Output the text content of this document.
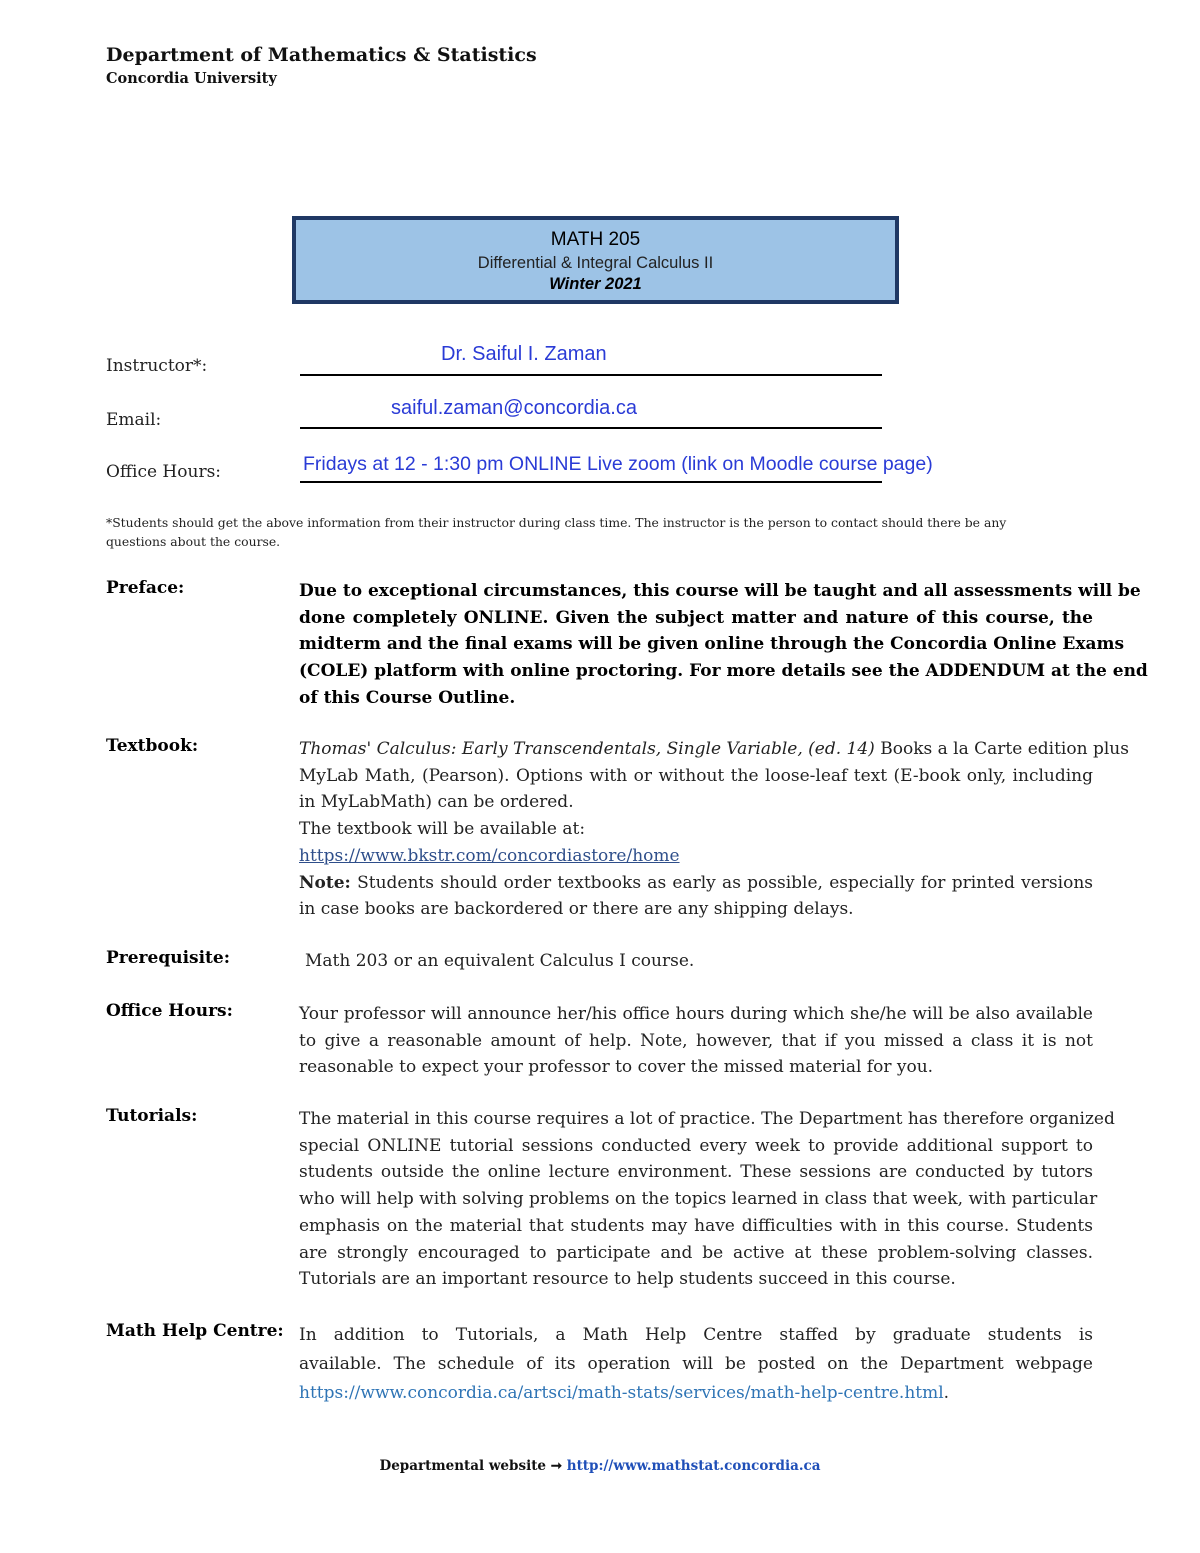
Department of Mathematics & Statistics
Concordia University
MATH 205
Differential & Integral Calculus II
Winter 2021
Instructor*:
Dr. Saiful I. Zaman
Email:
saiful.zaman@concordia.ca
Office Hours:	Fridays at 12 - 1:30 pm ONLINE Live zoom (link on Moodle course page)
*Students should get the above information from their instructor during class time. The instructor is the person to contact should there be any
questions about the course.
Preface:	Due to exceptional circumstances, this course will be taught and all assessments will be
done completely ONLINE. Given the subject matter and nature of this course, the
midterm and the final exams will be given online through the Concordia Online Exams
(COLE) platform with online proctoring. For more details see the ADDENDUM at the end
of this Course Outline.
Textbook:	Thomas' Calculus: Early Transcendentals, Single Variable, (ed. 14) Books a la Carte edition plus
MyLab Math, (Pearson). Options with or without the loose-leaf text (E-book only, including
in MyLabMath) can be ordered.
The textbook will be available at:
https://www.bkstr.com/concordiastore/home
Note: Students should order textbooks as early as possible, especially for printed versions
in case books are backordered or there are any shipping delays.
Prerequisite:	Math 203 or an equivalent Calculus I course.
Office Hours:	Your professor will announce her/his office hours during which she/he will be also available
to give a reasonable amount of help. Note, however, that if you missed a class it is not
reasonable to expect your professor to cover the missed material for you.
Tutorials:	The material in this course requires a lot of practice. The Department has therefore organized
special ONLINE tutorial sessions conducted every week to provide additional support to
students outside the online lecture environment. These sessions are conducted by tutors
who will help with solving problems on the topics learned in class that week, with particular
emphasis on the material that students may have difficulties with in this course. Students
are strongly encouraged to participate and be active at these problem-solving classes.
Tutorials are an important resource to help students succeed in this course.
Math Help Centre: In addition to Tutorials, a Math Help Centre staffed by graduate students is
available. The schedule of its operation will be posted on the Department webpage
https://www.concordia.ca/artsci/math-stats/services/math-help-centre.html.
Departmental website ➞ http://www.mathstat.concordia.ca
